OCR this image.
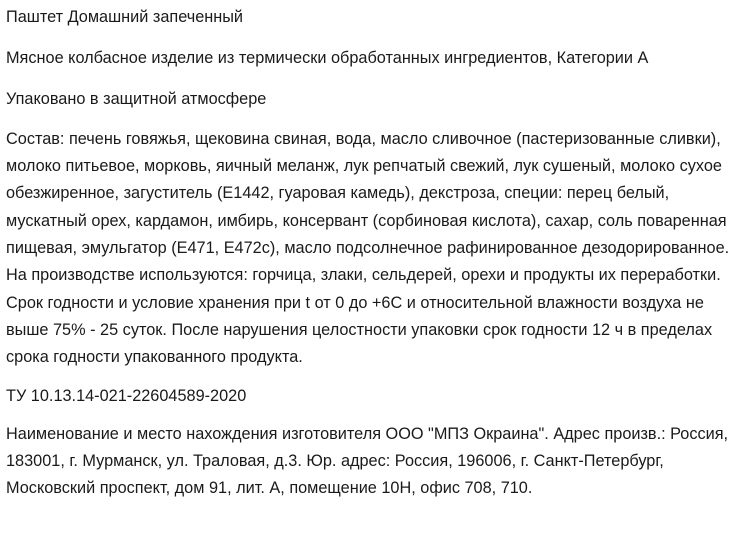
Паштет Домашний запеченный

Мясное колбасное изделие из термически обработанных ингредиентов, Категории А

Упаковано в защитной атмосфере

Состав: печень говяжья, щековина свиная, вода, масло сливочное (пастеризованные сливки), молоко питьевое, морковь, яичный меланж, лук репчатый свежий, лук сушеный, молоко сухое обезжиренное, загуститель (Е1442, гуаровая камедь), декстроза, специи: перец белый, мускатный орех, кардамон, имбирь, консервант (сорбиновая кислота), сахар, соль поваренная пищевая, эмульгатор (Е471, Е472с), масло подсолнечное рафинированное дезодорированное. На производстве используются: горчица, злаки, сельдерей, орехи и продукты их переработки. Срок годности и условие хранения при t от 0 до +6С и относительной влажности воздуха не выше 75% - 25 суток. После нарушения целостности упаковки срок годности 12 ч в пределах срока годности упакованного продукта.

ТУ 10.13.14-021-22604589-2020

Наименование и место нахождения изготовителя ООО "МПЗ Окраина". Адрес произв.: Россия, 183001, г. Мурманск, ул. Траловая, д.3. Юр. адрес: Россия, 196006, г. Санкт-Петербург, Московский проспект, дом 91, лит. А, помещение 10Н, офис 708, 710.
